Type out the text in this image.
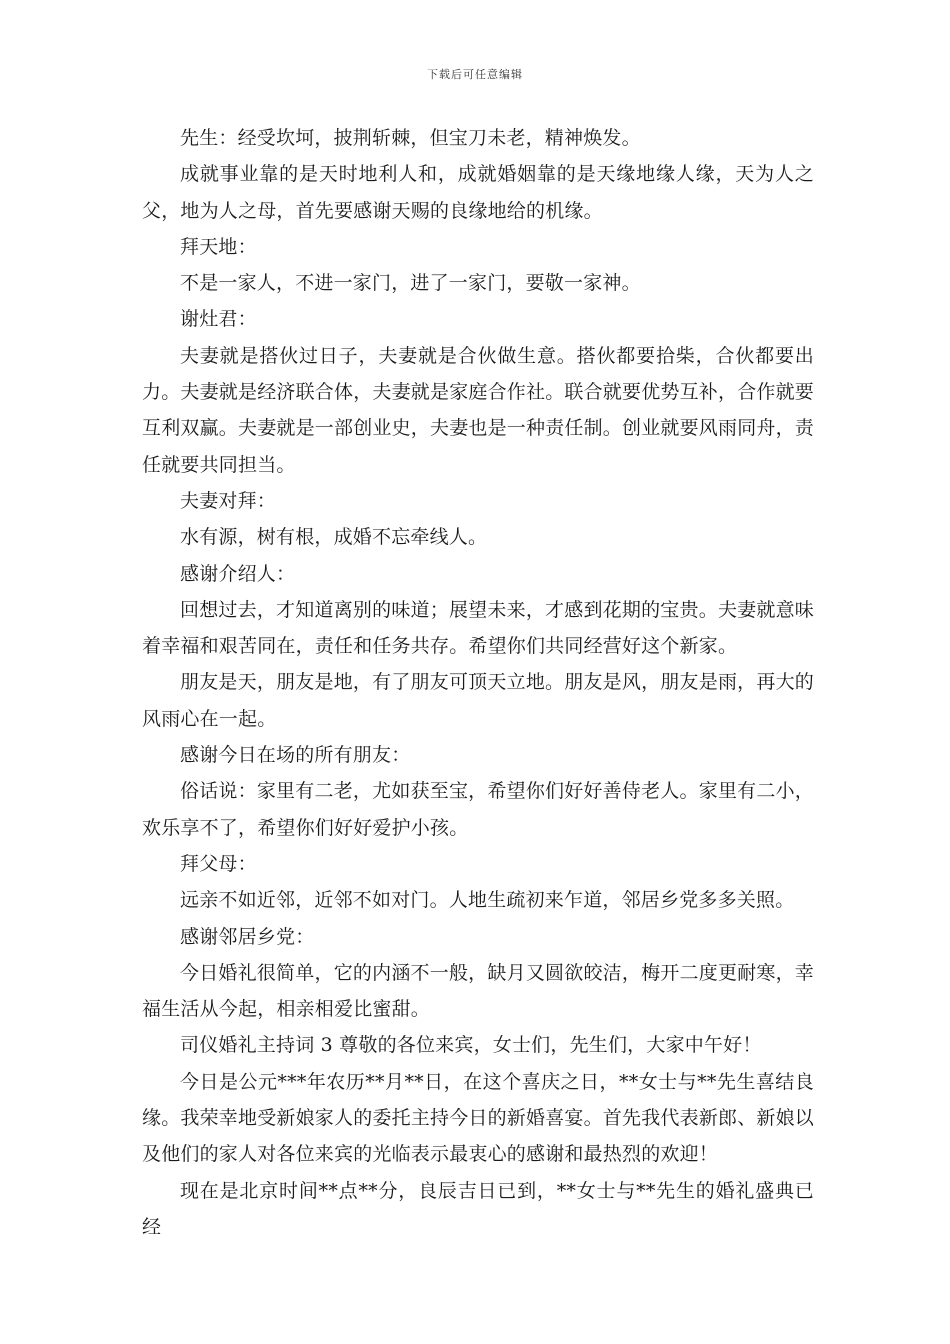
下载后可任意编辑

先生：经受坎坷，披荆斩棘，但宝刀未老，精神焕发。

成就事业靠的是天时地利人和，成就婚姻靠的是天缘地缘人缘，天为人之父，地为人之母，首先要感谢天赐的良缘地给的机缘。

拜天地：

不是一家人，不进一家门，进了一家门，要敬一家神。

谢灶君：

夫妻就是搭伙过日子，夫妻就是合伙做生意。搭伙都要拾柴，合伙都要出力。夫妻就是经济联合体，夫妻就是家庭合作社。联合就要优势互补，合作就要互利双赢。夫妻就是一部创业史，夫妻也是一种责任制。创业就要风雨同舟，责任就要共同担当。

夫妻对拜：

水有源，树有根，成婚不忘牵线人。

感谢介绍人：

回想过去，才知道离别的味道；展望未来，才感到花期的宝贵。夫妻就意味着幸福和艰苦同在，责任和任务共存。希望你们共同经营好这个新家。

朋友是天，朋友是地，有了朋友可顶天立地。朋友是风，朋友是雨，再大的风雨心在一起。

感谢今日在场的所有朋友：

俗话说：家里有二老，尤如获至宝，希望你们好好善侍老人。家里有二小，欢乐享不了，希望你们好好爱护小孩。

拜父母：

远亲不如近邻，近邻不如对门。人地生疏初来乍道，邻居乡党多多关照。

感谢邻居乡党：

今日婚礼很简单，它的内涵不一般，缺月又圆欲皎洁，梅开二度更耐寒，幸福生活从今起，相亲相爱比蜜甜。

司仪婚礼主持词 3 尊敬的各位来宾，女士们，先生们，大家中午好！

今日是公元***年农历**月**日，在这个喜庆之日，**女士与**先生喜结良缘。我荣幸地受新娘家人的委托主持今日的新婚喜宴。首先我代表新郎、新娘以及他们的家人对各位来宾的光临表示最衷心的感谢和最热烈的欢迎！

现在是北京时间**点**分，良辰吉日已到，**女士与**先生的婚礼盛典已经
